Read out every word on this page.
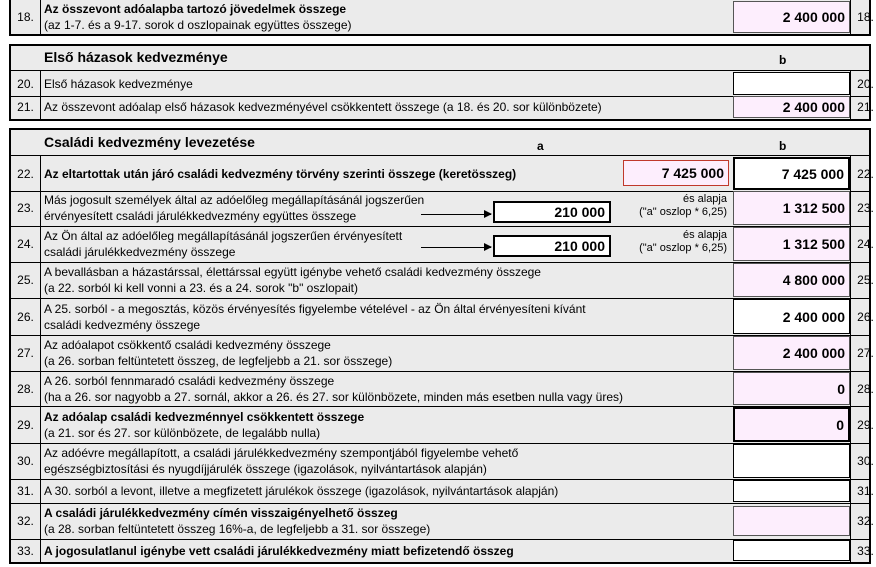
18.
Az összevont adóalapba tartozó jövedelmek összege
(az 1-7. és a 9-17. sorok d oszlopainak együttes összege)	2 400 000	18.
Első házasok kedvezménye	b
20. Első házasok kedvezménye	20.
21. Az összevont adóalap első házasok kedvezményével csökkentett összege (a 18. és 20. sor különbözete)	2 400 000	21.
Családi kedvezmény levezetése	a	b
22. Az eltartottak után járó családi kedvezmény törvény szerinti összege (keretösszeg)	7 425 000	7 425 000	22.
23.
Más jogosult személyek által az adóelőleg megállapításánál jogszerűen
érvényesített családi járulékkedvezmény együttes összege	210 000
és alapja
("a" oszlop * 6,25)	1 312 500	23.
24.
Az Ön által az adóelőleg megállapításánál jogszerűen érvényesített
családi járulékkedvezmény összege	210 000
és alapja
("a" oszlop * 6,25)	1 312 500	24.
25.
A bevallásban a házastárssal, élettárssal együtt igénybe vehető családi kedvezmény összege
(a 22. sorból ki kell vonni a 23. és a 24. sorok "b" oszlopait)	4 800 000	25.
26.
A 25. sorból - a megosztás, közös érvényesítés figyelembe vételével - az Ön által érvényesíteni kívánt
családi kedvezmény összege	2 400 000	26.
27.
Az adóalapot csökkentő családi kedvezmény összege
(a 26. sorban feltüntetett összeg, de legfeljebb a 21. sor összege)	2 400 000	27.
28.
A 26. sorból fennmaradó családi kedvezmény összege
(ha a 26. sor nagyobb a 27. sornál, akkor a 26. és 27. sor különbözete, minden más esetben nulla vagy üres)	0	28.
29.
Az adóalap családi kedvezménnyel csökkentett összege
(a 21. sor és 27. sor különbözete, de legalább nulla)	0	29.
30.
Az adóévre megállapított, a családi járulékkedvezmény szempontjából figyelembe vehető
egészségbiztosítási és nyugdíjjárulék összege (igazolások, nyilvántartások alapján)
30.
31. A 30. sorból a levont, illetve a megfizetett járulékok összege (igazolások, nyilvántartások alapján)	31.
32.
A családi járulékkedvezmény címén visszaigényelhető összeg
(a 28. sorban feltüntetett összeg 16%-a, de legfeljebb a 31. sor összege)
32.
33. A jogosulatlanul igénybe vett családi járulékkedvezmény miatt befizetendő összeg	33.
